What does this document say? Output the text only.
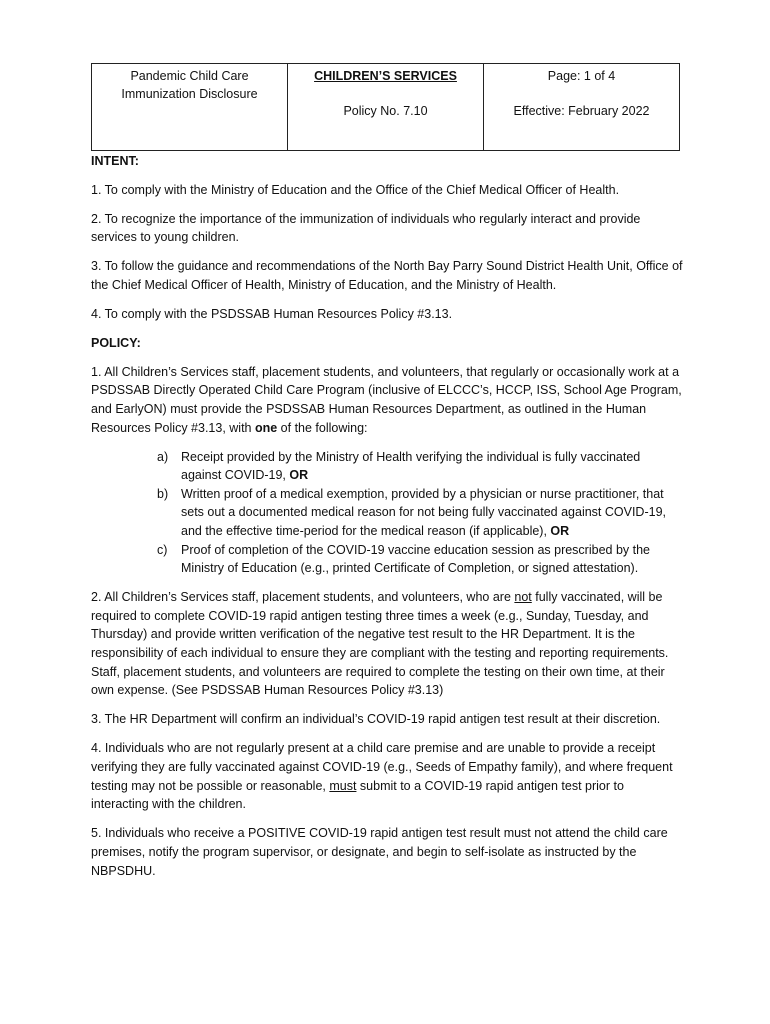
Pandemic Child Care
Immunization Disclosure
CHILDREN’S SERVICES
Policy No. 7.10
Page: 1 of 4
Effective: February 2022

INTENT:

1. To comply with the Ministry of Education and the Office of the Chief Medical Officer of Health.

2. To recognize the importance of the immunization of individuals who regularly interact and provide services to young children.

3. To follow the guidance and recommendations of the North Bay Parry Sound District Health Unit, Office of the Chief Medical Officer of Health, Ministry of Education, and the Ministry of Health.

4. To comply with the PSDSSAB Human Resources Policy #3.13.

POLICY:

1. All Children’s Services staff, placement students, and volunteers, that regularly or occasionally work at a PSDSSAB Directly Operated Child Care Program (inclusive of ELCCC’s, HCCP, ISS, School Age Program, and EarlyON) must provide the PSDSSAB Human Resources Department, as outlined in the Human Resources Policy #3.13, with one of the following:

a) Receipt provided by the Ministry of Health verifying the individual is fully vaccinated against COVID-19, OR
b) Written proof of a medical exemption, provided by a physician or nurse practitioner, that sets out a documented medical reason for not being fully vaccinated against COVID-19, and the effective time-period for the medical reason (if applicable), OR
c) Proof of completion of the COVID-19 vaccine education session as prescribed by the Ministry of Education (e.g., printed Certificate of Completion, or signed attestation).

2. All Children’s Services staff, placement students, and volunteers, who are not fully vaccinated, will be required to complete COVID-19 rapid antigen testing three times a week (e.g., Sunday, Tuesday, and Thursday) and provide written verification of the negative test result to the HR Department. It is the responsibility of each individual to ensure they are compliant with the testing and reporting requirements. Staff, placement students, and volunteers are required to complete the testing on their own time, at their own expense. (See PSDSSAB Human Resources Policy #3.13)

3. The HR Department will confirm an individual’s COVID-19 rapid antigen test result at their discretion.

4. Individuals who are not regularly present at a child care premise and are unable to provide a receipt verifying they are fully vaccinated against COVID-19 (e.g., Seeds of Empathy family), and where frequent testing may not be possible or reasonable, must submit to a COVID-19 rapid antigen test prior to interacting with the children.

5. Individuals who receive a POSITIVE COVID-19 rapid antigen test result must not attend the child care premises, notify the program supervisor, or designate, and begin to self-isolate as instructed by the NBPSDHU.
